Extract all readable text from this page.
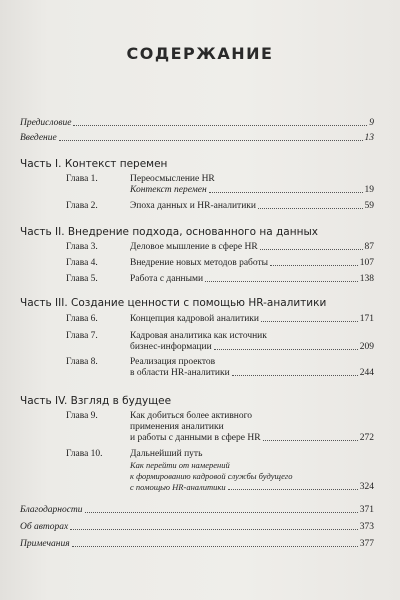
СОДЕРЖАНИЕ
Предисловие	9
Введение	13
Часть I. Контекст перемен
Глава 1.	Переосмысление HR
Контекст перемен	19
Глава 2.	Эпоха данных и HR-аналитики	59
Часть II. Внедрение подхода, основанного на данных
Глава 3.	Деловое мышление в сфере HR	87
Глава 4.	Внедрение новых методов работы	107
Глава 5.	Работа с данными	138
Часть III. Создание ценности с помощью HR-аналитики
Глава 6.	Концепция кадровой аналитики	171
Глава 7.	Кадровая аналитика как источник
бизнес-информации	209
Глава 8.	Реализация проектов
в области HR-аналитики	244
Часть IV. Взгляд в будущее
Глава 9.	Как добиться более активного
применения аналитики
и работы с данными в сфере HR	272
Глава 10.	Дальнейший путь
Как перейти от намерений
к формированию кадровой службы будущего
с помощью HR-аналитики	324
Благодарности	371
Об авторах	373
Примечания	377
